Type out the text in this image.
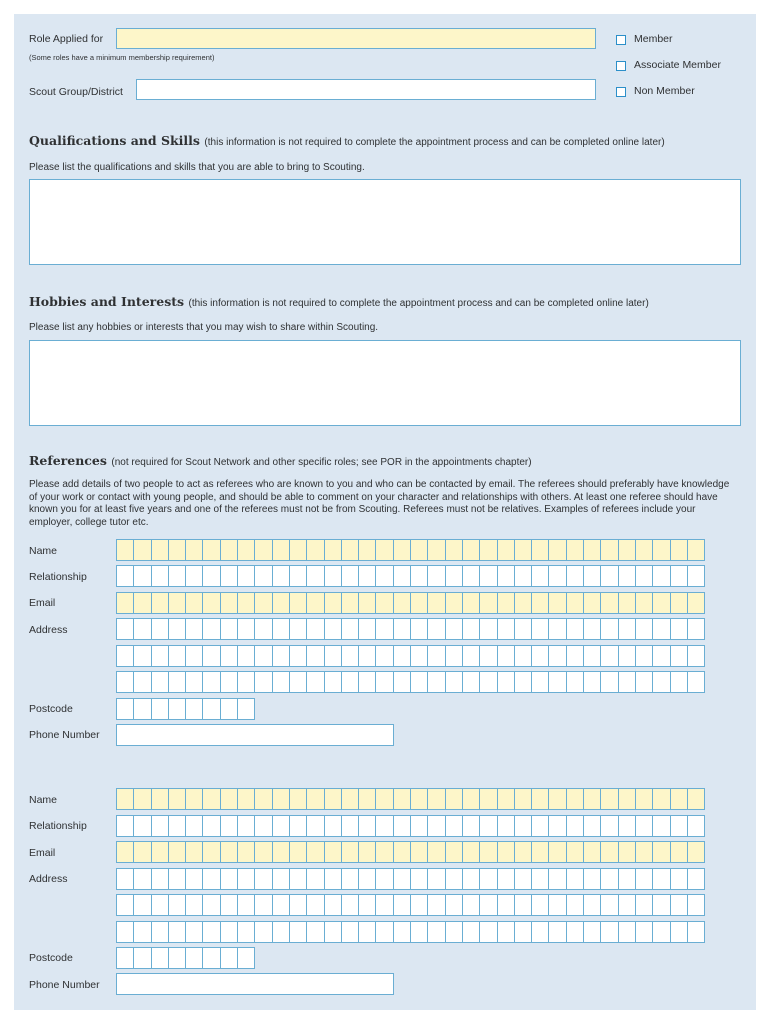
Role Applied for
(Some roles have a minimum membership requirement)
Scout Group/District
Member
Associate Member
Non Member
Qualifications and Skills (this information is not required to complete the appointment process and can be completed online later)
Please list the qualifications and skills that you are able to bring to Scouting.
Hobbies and Interests (this information is not required to complete the appointment process and can be completed online later)
Please list any hobbies or interests that you may wish to share within Scouting.
References (not required for Scout Network and other specific roles; see POR in the appointments chapter)
Please add details of two people to act as referees who are known to you and who can be contacted by email. The referees should preferably have knowledge of your work or contact with young people, and should be able to comment on your character and relationships with others. At least one referee should have known you for at least five years and one of the referees must not be from Scouting. Referees must not be relatives. Examples of referees include your employer, college tutor etc.
Name
Relationship
Email
Address
Postcode
Phone Number
Name
Relationship
Email
Address
Postcode
Phone Number
